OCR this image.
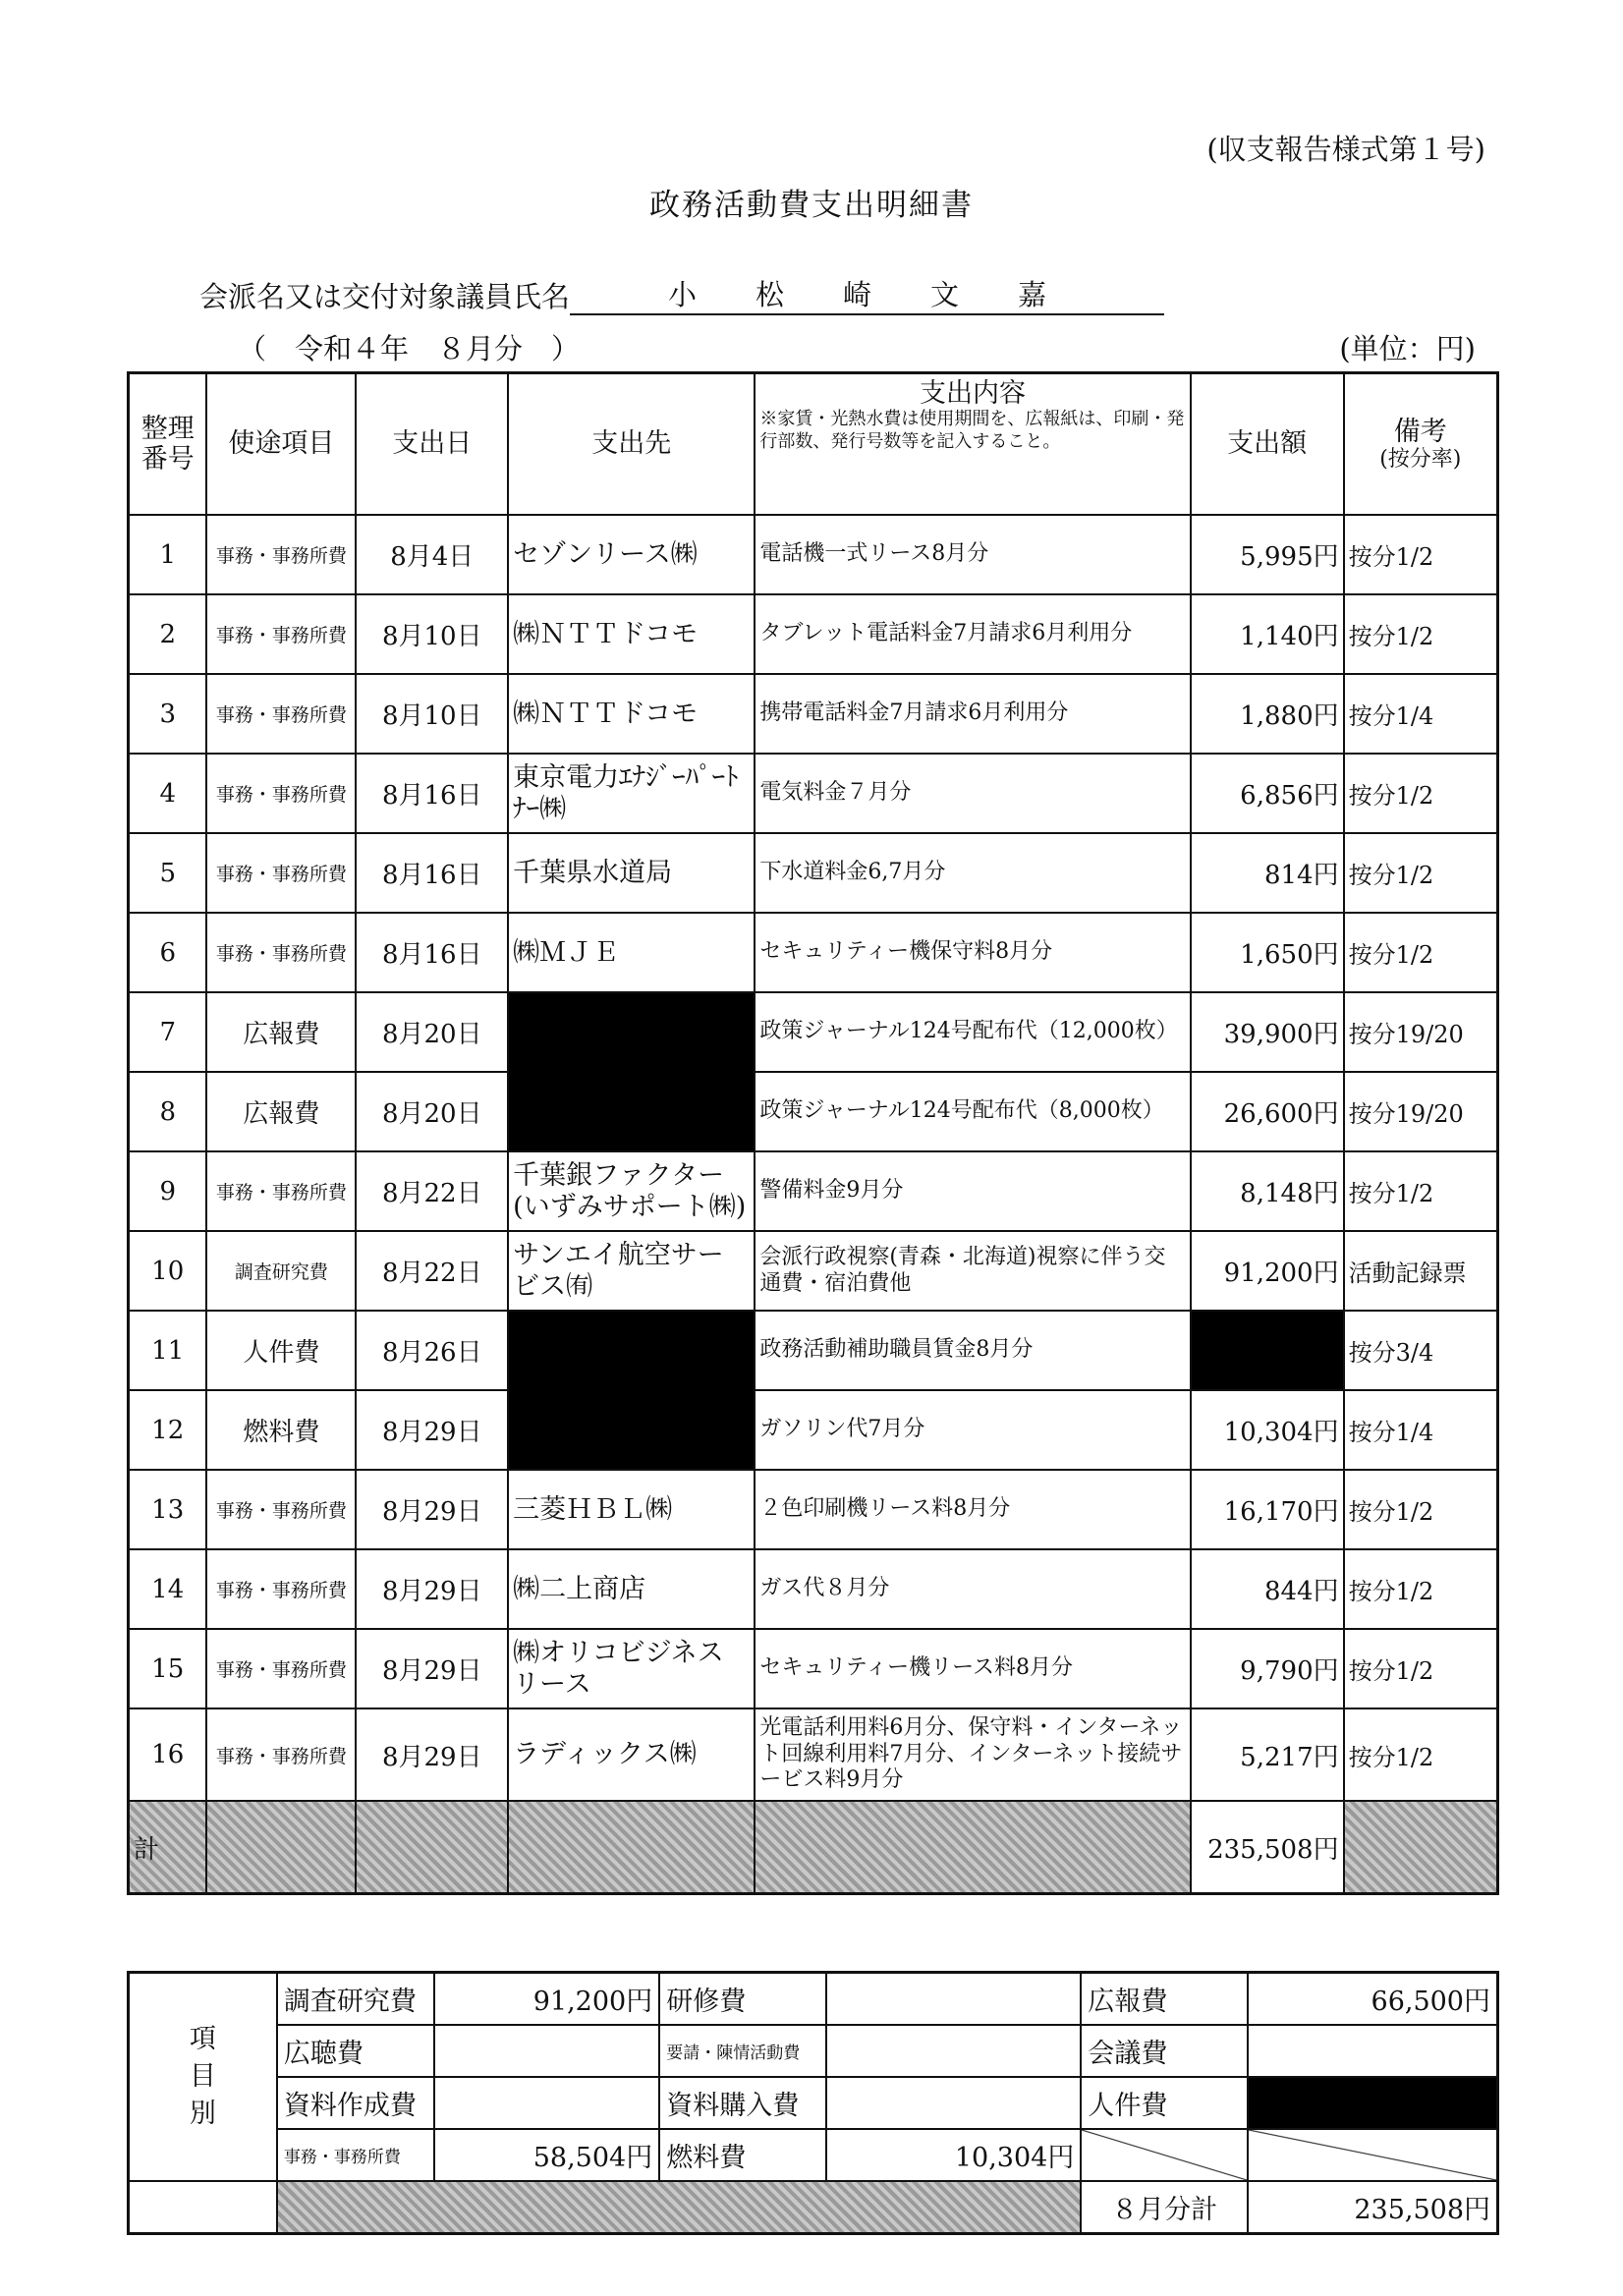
(収支報告様式第１号)
政務活動費支出明細書
会派名又は交付対象議員氏名	小松崎文嘉
（　令和４年　８月分　）	(単位：円)
整理
番号	使途項目	支出日	支出先	支出内容
※家賃・光熱水費は使用期間を、広報紙は、印刷・発行部数、発行号数等を記入すること。	支出額	備考
(按分率)

1	事務・事務所費	8月4日	セゾンリース㈱	電話機一式リース8月分	5,995円	按分1/2
2	事務・事務所費	8月10日	㈱ＮＴＴドコモ	タブレット電話料金7月請求6月利用分	1,140円	按分1/2
3	事務・事務所費	8月10日	㈱ＮＴＴドコモ	携帯電話料金7月請求6月利用分	1,880円	按分1/4
4	事務・事務所費	8月16日	東京電力ｴﾅｼﾞｰﾊﾟｰﾄﾅｰ㈱	電気料金７月分	6,856円	按分1/2
5	事務・事務所費	8月16日	千葉県水道局	下水道料金6,7月分	814円	按分1/2
6	事務・事務所費	8月16日	㈱ＭＪＥ	セキュリティー機保守料8月分	1,650円	按分1/2
7	広報費	8月20日		政策ジャーナル124号配布代（12,000枚）	39,900円	按分19/20
8	広報費	8月20日		政策ジャーナル124号配布代（8,000枚）	26,600円	按分19/20
9	事務・事務所費	8月22日	千葉銀ファクター(いずみサポート㈱)	警備料金9月分	8,148円	按分1/2
10	調査研究費	8月22日	サンエイ航空サービス㈲	会派行政視察(青森・北海道)視察に伴う交通費・宿泊費他	91,200円	活動記録票
11	人件費	8月26日		政務活動補助職員賃金8月分		按分3/4
12	燃料費	8月29日		ガソリン代7月分	10,304円	按分1/4
13	事務・事務所費	8月29日	三菱ＨＢＬ㈱	２色印刷機リース料8月分	16,170円	按分1/2
14	事務・事務所費	8月29日	㈱二上商店	ガス代８月分	844円	按分1/2
15	事務・事務所費	8月29日	㈱オリコビジネスリース	セキュリティー機リース料8月分	9,790円	按分1/2
16	事務・事務所費	8月29日	ラディックス㈱	光電話利用料6月分、保守料・インターネット回線利用料7月分、インターネット接続サービス料9月分	5,217円	按分1/2
計					235,508円	
項目別	調査研究費	91,200円	研修費		広報費	66,500円
	広聴費		要請・陳情活動費		会議費	
	資料作成費		資料購入費		人件費	
	事務・事務所費	58,504円	燃料費	10,304円		
					８月分計	235,508円
